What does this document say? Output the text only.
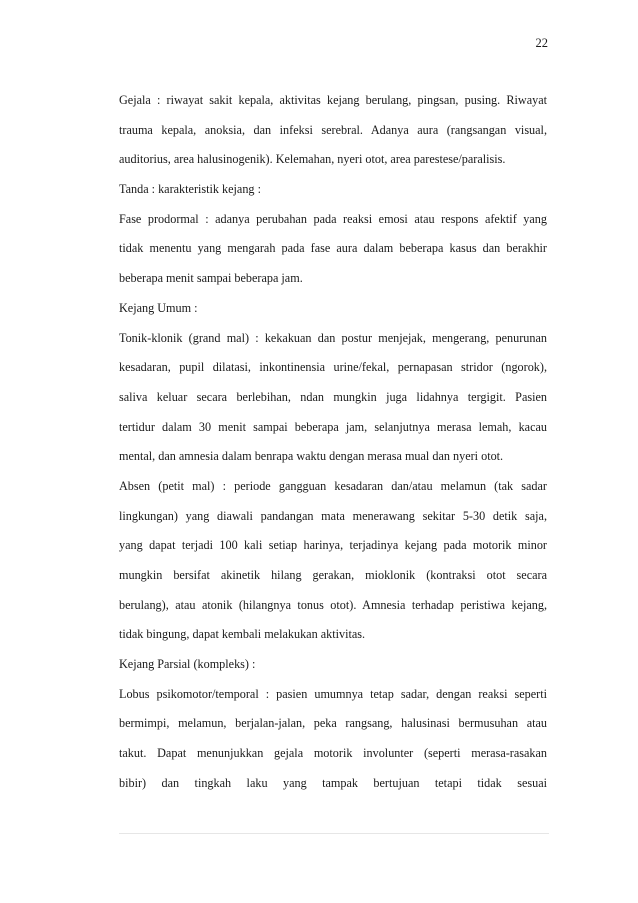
22
Gejala : riwayat sakit kepala, aktivitas kejang berulang, pingsan, pusing. Riwayat
trauma kepala, anoksia, dan infeksi serebral. Adanya aura (rangsangan visual,
auditorius, area halusinogenik). Kelemahan, nyeri otot, area parestese/paralisis.
Tanda : karakteristik kejang :
Fase prodormal : adanya perubahan pada reaksi emosi atau respons afektif yang
tidak menentu yang mengarah pada fase aura dalam beberapa kasus dan berakhir
beberapa menit sampai beberapa jam.
Kejang Umum :
Tonik-klonik (grand mal) : kekakuan dan postur menjejak, mengerang, penurunan
kesadaran, pupil dilatasi, inkontinensia urine/fekal, pernapasan stridor (ngorok),
saliva keluar secara berlebihan, ndan mungkin juga lidahnya tergigit. Pasien
tertidur dalam 30 menit sampai beberapa jam, selanjutnya merasa lemah, kacau
mental, dan amnesia dalam benrapa waktu dengan merasa mual dan nyeri otot.
Absen (petit mal) : periode gangguan kesadaran dan/atau melamun (tak sadar
lingkungan) yang diawali pandangan mata menerawang sekitar 5-30 detik saja,
yang dapat terjadi 100 kali setiap harinya, terjadinya kejang pada motorik minor
mungkin bersifat akinetik hilang gerakan, mioklonik (kontraksi otot secara
berulang), atau atonik (hilangnya tonus otot). Amnesia terhadap peristiwa kejang,
tidak bingung, dapat kembali melakukan aktivitas.
Kejang Parsial (kompleks) :
Lobus psikomotor/temporal : pasien umumnya tetap sadar, dengan reaksi seperti
bermimpi, melamun, berjalan-jalan, peka rangsang, halusinasi bermusuhan atau
takut. Dapat menunjukkan gejala motorik involunter (seperti merasa-rasakan
bibir) dan tingkah laku yang tampak bertujuan tetapi tidak sesuai
